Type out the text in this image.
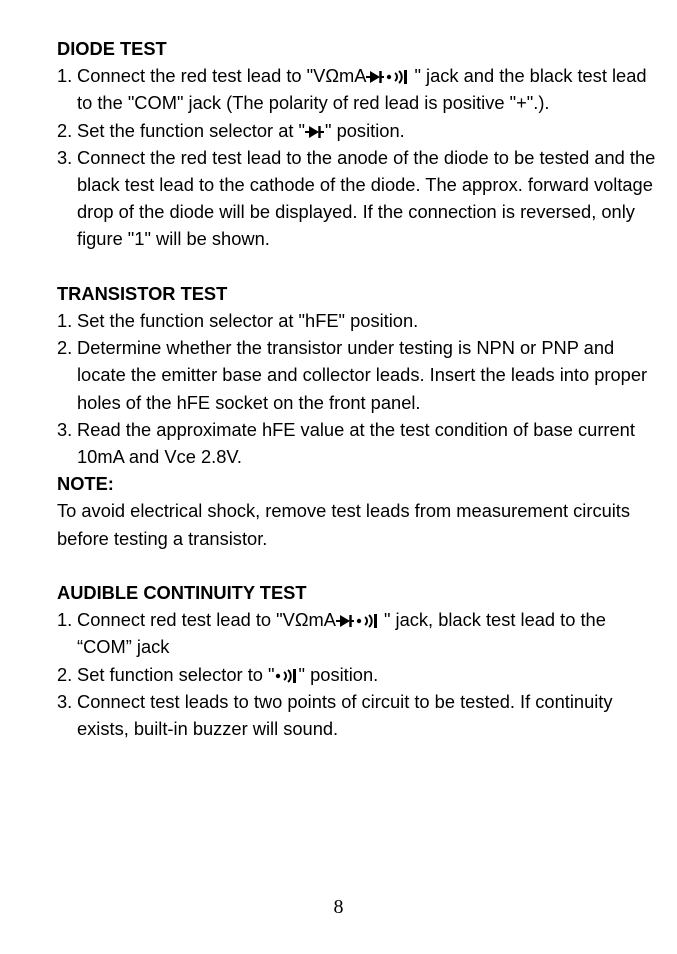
DIODE TEST
1. Connect the red test lead to "VΩmA	" jack and the black test lead to the "COM" jack (The polarity of red lead is positive "+".).
2. Set the function selector at " " position.
3. Connect the red test lead to the anode of the diode to be tested and the black test lead to the cathode of the diode. The approx. forward voltage drop of the diode will be displayed. If the connection is reversed, only figure "1" will be shown.
TRANSISTOR TEST
1. Set the function selector at "hFE" position.
2. Determine whether the transistor under testing is NPN or PNP and locate the emitter base and collector leads. Insert the leads into proper holes of the hFE socket on the front panel.
3. Read the approximate hFE value at the test condition of base current 10mA and Vce 2.8V.
NOTE:

To avoid electrical shock, remove test leads from measurement circuits before testing a transistor.

AUDIBLE CONTINUITY TEST
1. Connect red test lead to "VΩmA	" jack, black test lead to the “COM” jack
2. Set function selector to " " position.
3. Connect test leads to two points of circuit to be tested. If continuity exists, built-in buzzer will sound.
8
